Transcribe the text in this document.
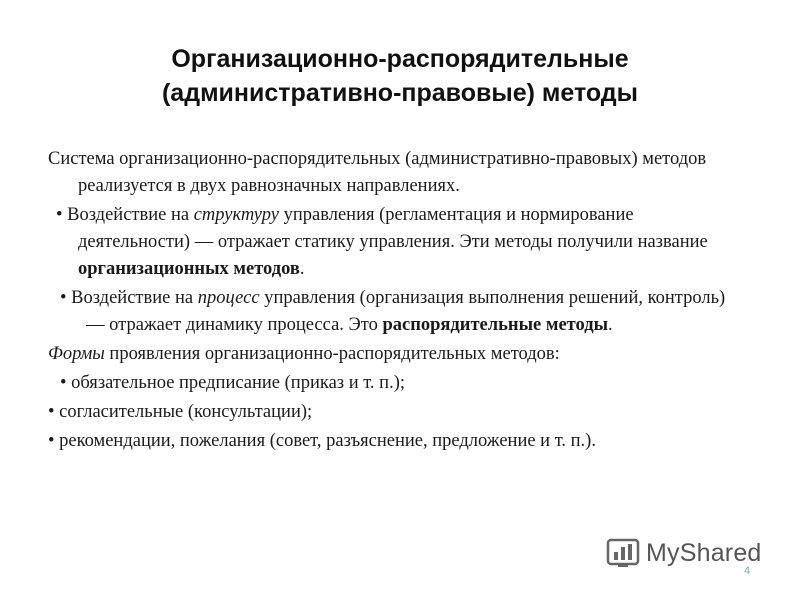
Организационно-распорядительные
(административно-правовые) методы

Система организационно-распорядительных (административно-правовых) методов реализуется в двух равнозначных направлениях.

• Воздействие на структуру управления (регламентация и нормирование деятельности) — отражает статику управления. Эти методы получили название организационных методов.

• Воздействие на процесс управления (организация выполнения решений, контроль) — отражает динамику процесса. Это распорядительные методы.

Формы проявления организационно-распорядительных методов:

• обязательное предписание (приказ и т. п.);

• согласительные (консультации);

• рекомендации, пожелания (совет, разъяснение, предложение и т. п.).

MyShared
4
